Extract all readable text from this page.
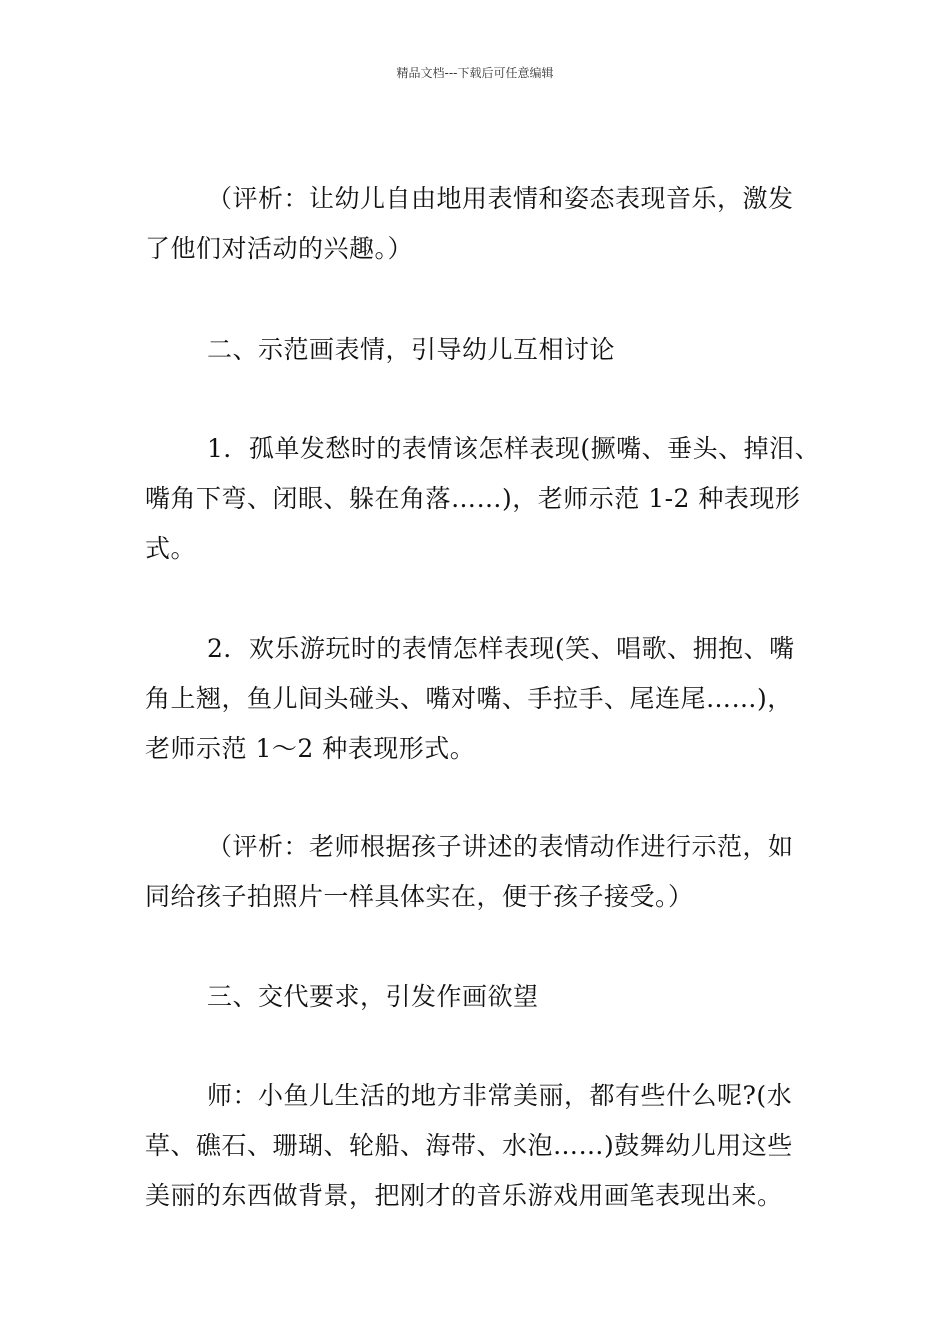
精品文档---下载后可任意编辑
（评析：让幼儿自由地用表情和姿态表现音乐，激发
了他们对活动的兴趣。）
二、示范画表情，引导幼儿互相讨论
1．孤单发愁时的表情该怎样表现(撅嘴、垂头、掉泪、
嘴角下弯、闭眼、躲在角落……)，老师示范 1-2 种表现形
式。
2．欢乐游玩时的表情怎样表现(笑、唱歌、拥抱、嘴
角上翘，鱼儿间头碰头、嘴对嘴、手拉手、尾连尾……)，
老师示范 1～2 种表现形式。
（评析：老师根据孩子讲述的表情动作进行示范，如
同给孩子拍照片一样具体实在，便于孩子接受。）
三、交代要求，引发作画欲望
师：小鱼儿生活的地方非常美丽，都有些什么呢?(水
草、礁石、珊瑚、轮船、海带、水泡……)鼓舞幼儿用这些
美丽的东西做背景，把刚才的音乐游戏用画笔表现出来。
